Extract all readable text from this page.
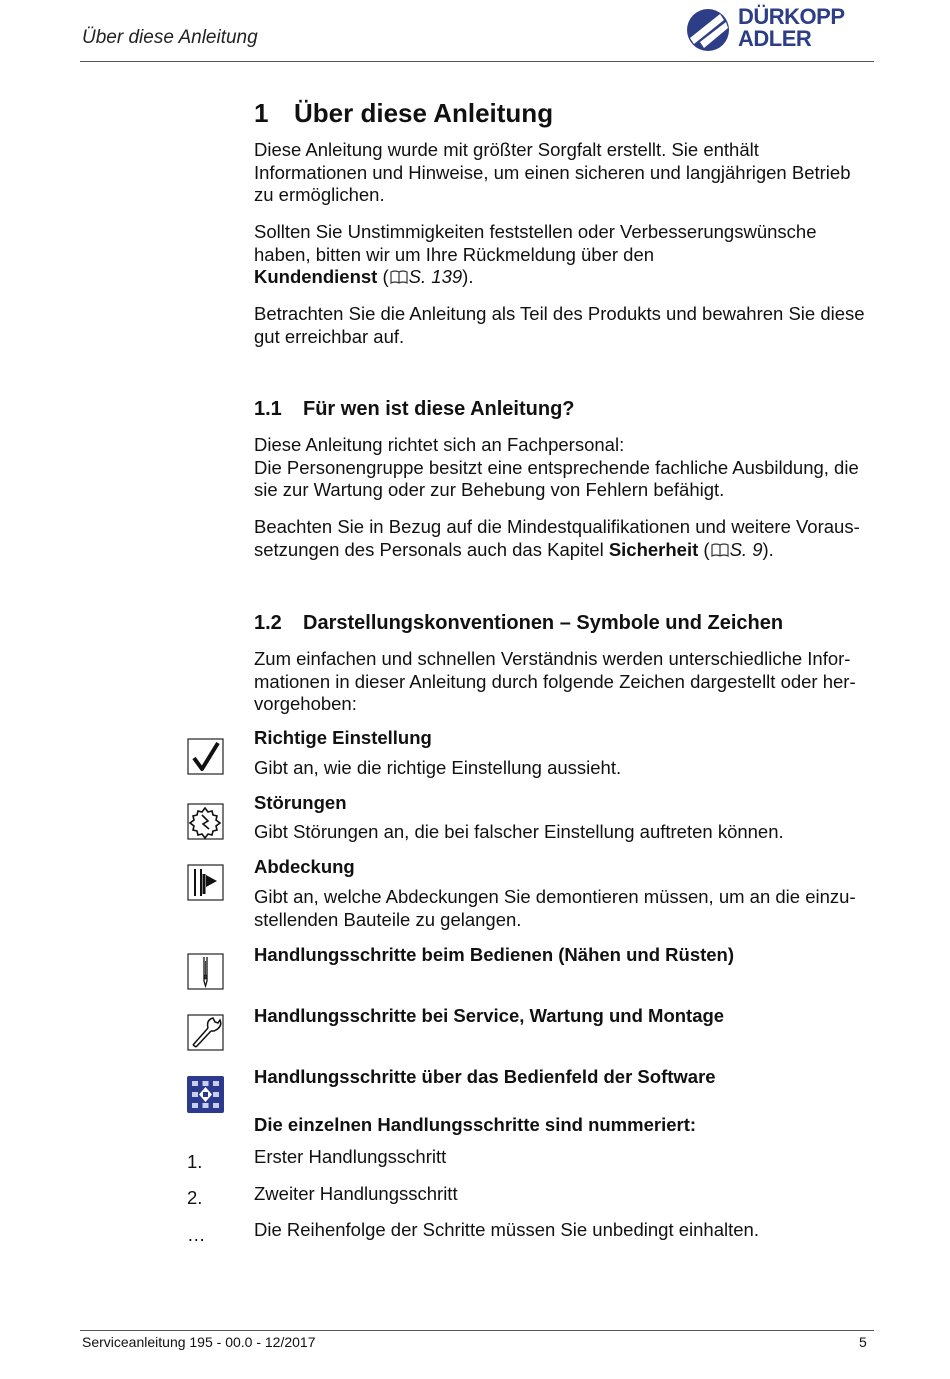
Über diese Anleitung
DÜRKOPP
ADLER
1 Über diese Anleitung

Diese Anleitung wurde mit größter Sorgfalt erstellt. Sie enthält Informationen und Hinweise, um einen sicheren und langjährigen Betrieb zu ermöglichen.

Sollten Sie Unstimmigkeiten feststellen oder Verbesserungswünsche haben, bitten wir um Ihre Rückmeldung über den
Kundendienst ( S. 139).

Betrachten Sie die Anleitung als Teil des Produkts und bewahren Sie diese gut erreichbar auf.

1.1 Für wen ist diese Anleitung?

Diese Anleitung richtet sich an Fachpersonal:
Die Personengruppe besitzt eine entsprechende fachliche Ausbildung, die sie zur Wartung oder zur Behebung von Fehlern befähigt.

Beachten Sie in Bezug auf die Mindestqualifikationen und weitere Voraus-setzungen des Personals auch das Kapitel Sicherheit ( S. 9).

1.2 Darstellungskonventionen – Symbole und Zeichen

Zum einfachen und schnellen Verständnis werden unterschiedliche Infor-mationen in dieser Anleitung durch folgende Zeichen dargestellt oder her-vorgehoben:

Richtige Einstellung
Gibt an, wie die richtige Einstellung aussieht.
Störungen
Gibt Störungen an, die bei falscher Einstellung auftreten können.
Abdeckung
Gibt an, welche Abdeckungen Sie demontieren müssen, um an die einzu-stellenden Bauteile zu gelangen.
Handlungsschritte beim Bedienen (Nähen und Rüsten)
Handlungsschritte bei Service, Wartung und Montage
Handlungsschritte über das Bedienfeld der Software
Die einzelnen Handlungsschritte sind nummeriert:
1.	Erster Handlungsschritt
2.	Zweiter Handlungsschritt
…	Die Reihenfolge der Schritte müssen Sie unbedingt einhalten.
Serviceanleitung 195 - 00.0 - 12/2017	5
